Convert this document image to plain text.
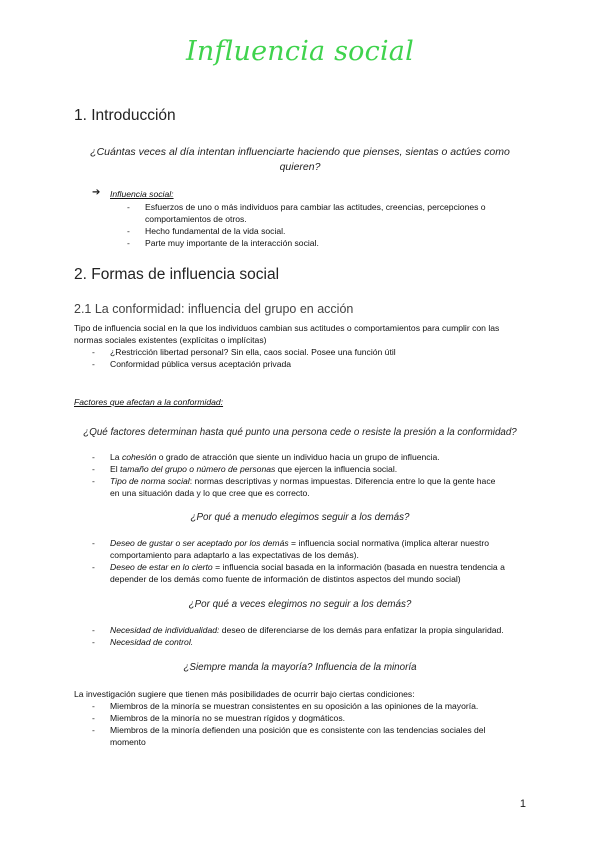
Influencia social
1. Introducción
¿Cuántas veces al día intentan influenciarte haciendo que pienses, sientas o actúes como quieren?
➔ Influencia social:
- Esfuerzos de uno o más individuos para cambiar las actitudes, creencias, percepciones o
comportamientos de otros.
- Hecho fundamental de la vida social.
- Parte muy importante de la interacción social.
2. Formas de influencia social
2.1 La conformidad: influencia del grupo en acción
Tipo de influencia social en la que los individuos cambian sus actitudes o comportamientos para cumplir con las
normas sociales existentes (explícitas o implícitas)
- ¿Restricción libertad personal? Sin ella, caos social. Posee una función útil
- Conformidad pública versus aceptación privada
Factores que afectan a la conformidad:
¿Qué factores determinan hasta qué punto una persona cede o resiste la presión a la conformidad?
- La cohesión o grado de atracción que siente un individuo hacia un grupo de influencia.
- El tamaño del grupo o número de personas que ejercen la influencia social.
- Tipo de norma social: normas descriptivas y normas impuestas. Diferencia entre lo que la gente hace
en una situación dada y lo que cree que es correcto.
¿Por qué a menudo elegimos seguir a los demás?
- Deseo de gustar o ser aceptado por los demás = influencia social normativa (implica alterar nuestro
comportamiento para adaptarlo a las expectativas de los demás).
- Deseo de estar en lo cierto = influencia social basada en la información (basada en nuestra tendencia a
depender de los demás como fuente de información de distintos aspectos del mundo social)
¿Por qué a veces elegimos no seguir a los demás?
- Necesidad de individualidad: deseo de diferenciarse de los demás para enfatizar la propia singularidad.
- Necesidad de control.
¿Siempre manda la mayoría? Influencia de la minoría
La investigación sugiere que tienen más posibilidades de ocurrir bajo ciertas condiciones:
- Miembros de la minoría se muestran consistentes en su oposición a las opiniones de la mayoría.
- Miembros de la minoría no se muestran rígidos y dogmáticos.
- Miembros de la minoría defienden una posición que es consistente con las tendencias sociales del
momento
1
